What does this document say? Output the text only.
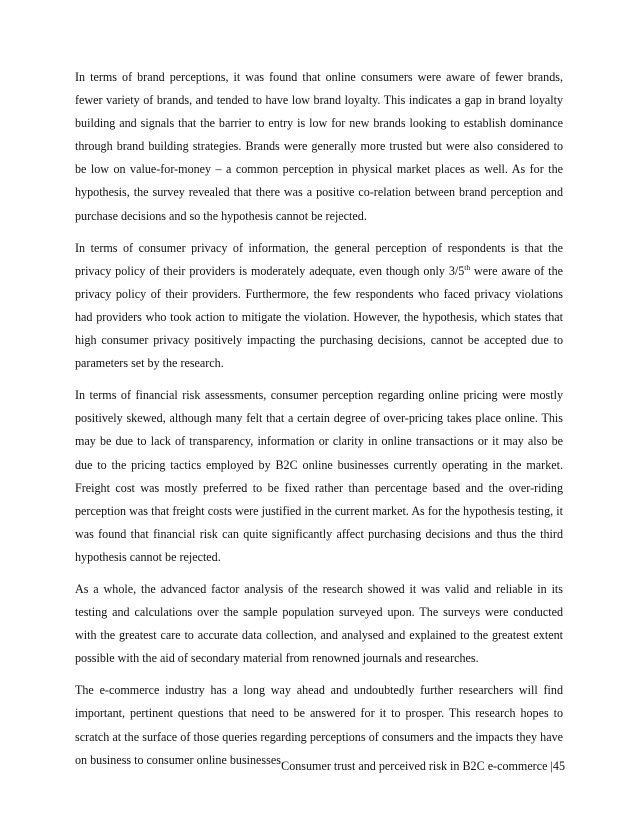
In terms of brand perceptions, it was found that online consumers were aware of fewer brands, fewer variety of brands, and tended to have low brand loyalty. This indicates a gap in brand loyalty building and signals that the barrier to entry is low for new brands looking to establish dominance through brand building strategies. Brands were generally more trusted but were also considered to be low on value-for-money – a common perception in physical market places as well. As for the hypothesis, the survey revealed that there was a positive co-relation between brand perception and purchase decisions and so the hypothesis cannot be rejected.

In terms of consumer privacy of information, the general perception of respondents is that the privacy policy of their providers is moderately adequate, even though only 3/5th were aware of the privacy policy of their providers. Furthermore, the few respondents who faced privacy violations had providers who took action to mitigate the violation. However, the hypothesis, which states that high consumer privacy positively impacting the purchasing decisions, cannot be accepted due to parameters set by the research.

In terms of financial risk assessments, consumer perception regarding online pricing were mostly positively skewed, although many felt that a certain degree of over-pricing takes place online. This may be due to lack of transparency, information or clarity in online transactions or it may also be due to the pricing tactics employed by B2C online businesses currently operating in the market. Freight cost was mostly preferred to be fixed rather than percentage based and the over-riding perception was that freight costs were justified in the current market. As for the hypothesis testing, it was found that financial risk can quite significantly affect purchasing decisions and thus the third hypothesis cannot be rejected.

As a whole, the advanced factor analysis of the research showed it was valid and reliable in its testing and calculations over the sample population surveyed upon. The surveys were conducted with the greatest care to accurate data collection, and analysed and explained to the greatest extent possible with the aid of secondary material from renowned journals and researches.

The e-commerce industry has a long way ahead and undoubtedly further researchers will find important, pertinent questions that need to be answered for it to prosper. This research hopes to scratch at the surface of those queries regarding perceptions of consumers and the impacts they have on business to consumer online businesses.

Consumer trust and perceived risk in B2C e-commerce |45
